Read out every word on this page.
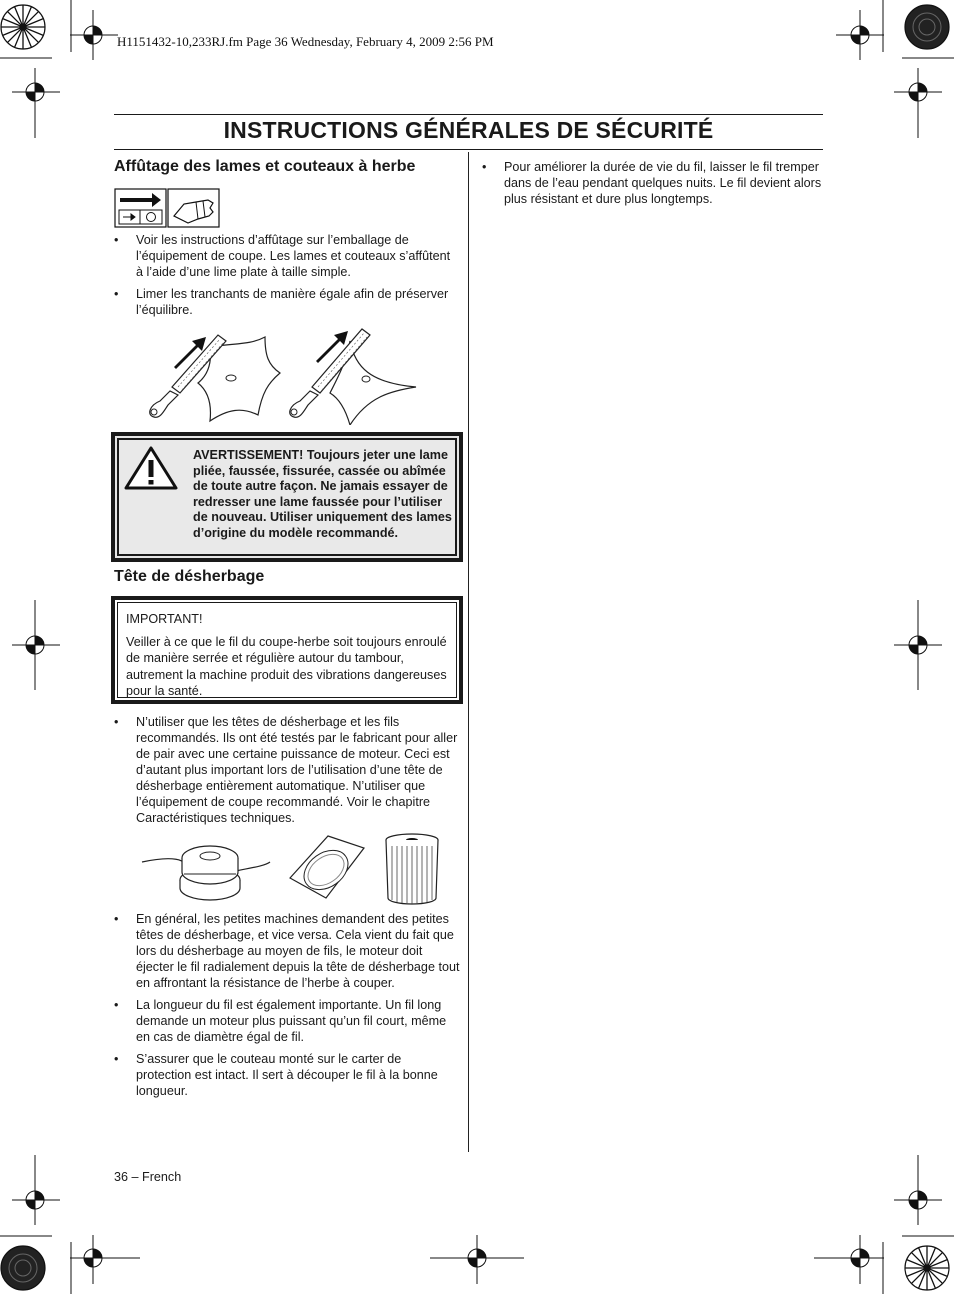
H1151432-10,233RJ.fm Page 36 Wednesday, February 4, 2009 2:56 PM
INSTRUCTIONS GÉNÉRALES DE SÉCURITÉ
Affûtage des lames et couteaux à herbe
• Voir les instructions d’affûtage sur l’emballage de l’équipement de coupe. Les lames et couteaux s’affûtent à l’aide d’une lime plate à taille simple.
• Limer les tranchants de manière égale afin de préserver l’équilibre.
AVERTISSEMENT! Toujours jeter une lame pliée, faussée, fissurée, cassée ou abîmée de toute autre façon. Ne jamais essayer de redresser une lame faussée pour l’utiliser de nouveau. Utiliser uniquement des lames d’origine du modèle recommandé.
Tête de désherbage
IMPORTANT!
Veiller à ce que le fil du coupe-herbe soit toujours enroulé de manière serrée et régulière autour du tambour, autrement la machine produit des vibrations dangereuses pour la santé.
• N’utiliser que les têtes de désherbage et les fils recommandés. Ils ont été testés par le fabricant pour aller de pair avec une certaine puissance de moteur. Ceci est d’autant plus important lors de l’utilisation d’une tête de désherbage entièrement automatique. N’utiliser que l’équipement de coupe recommandé. Voir le chapitre Caractéristiques techniques.
• En général, les petites machines demandent des petites têtes de désherbage, et vice versa. Cela vient du fait que lors du désherbage au moyen de fils, le moteur doit éjecter le fil radialement depuis la tête de désherbage tout en affrontant la résistance de l’herbe à couper.
• La longueur du fil est également importante. Un fil long demande un moteur plus puissant qu’un fil court, même en cas de diamètre égal de fil.
• S’assurer que le couteau monté sur le carter de protection est intact. Il sert à découper le fil à la bonne longueur.
• Pour améliorer la durée de vie du fil, laisser le fil tremper dans de l’eau pendant quelques nuits. Le fil devient alors plus résistant et dure plus longtemps.
36 – French
